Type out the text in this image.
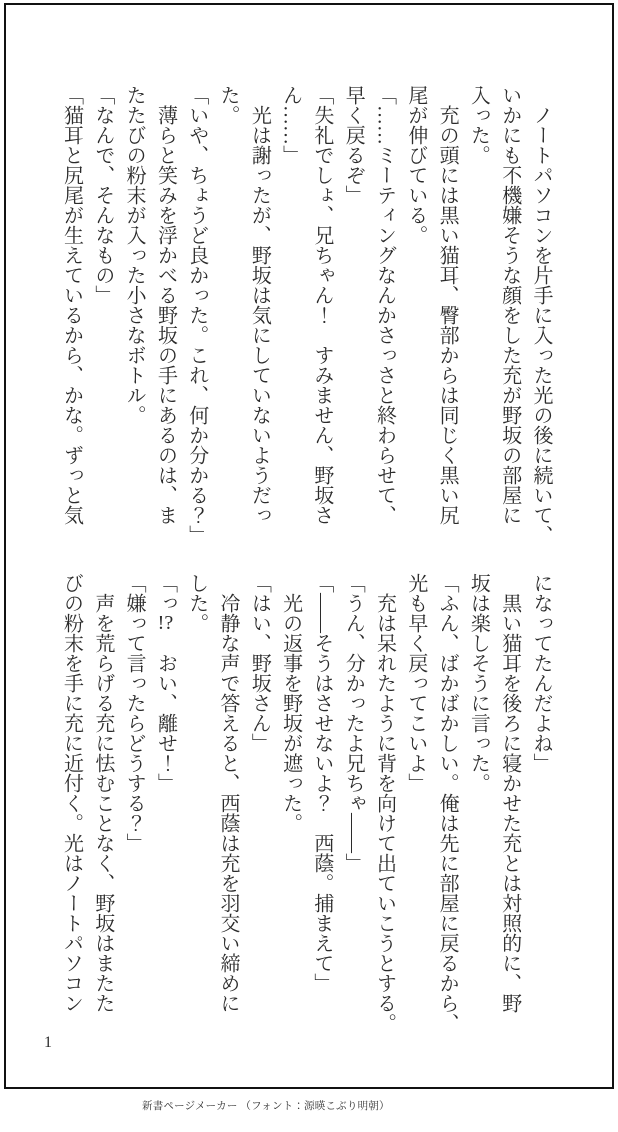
　ノートパソコンを片手に入った光の後に続いて、

いかにも不機嫌そうな顔をした充が野坂の部屋に

入った。

　充の頭には黒い猫耳、臀部からは同じく黒い尻

尾が伸びている。

「……ミーティングなんかさっさと終わらせて、

早く戻るぞ」

「失礼でしょ、兄ちゃん！　すみません、野坂さ

ん……」

　光は謝ったが、野坂は気にしていないようだっ

た。

「いや、ちょうど良かった。これ、何か分かる？」

　薄らと笑みを浮かべる野坂の手にあるのは、ま

たたびの粉末が入った小さなボトル。

「なんで、そんなもの」

「猫耳と尻尾が生えているから、かな。ずっと気

になってたんだよね」

　黒い猫耳を後ろに寝かせた充とは対照的に、野

坂は楽しそうに言った。

「ふん、ばかばかしい。俺は先に部屋に戻るから、

光も早く戻ってこいよ」

　充は呆れたように背を向けて出ていこうとする。

「うん、分かったよ兄ちゃ――」

「――そうはさせないよ？　西蔭。捕まえて」

　光の返事を野坂が遮った。

「はい、野坂さん」

　冷静な声で答えると、西蔭は充を羽交い締めに

した。

「っ!?　おい、離せ！」

「嫌って言ったらどうする？」

　声を荒らげる充に怯むことなく、野坂はまたた

びの粉末を手に充に近付く。光はノートパソコン

1
新書ページメーカー （フォント：源暎こぶり明朝）
